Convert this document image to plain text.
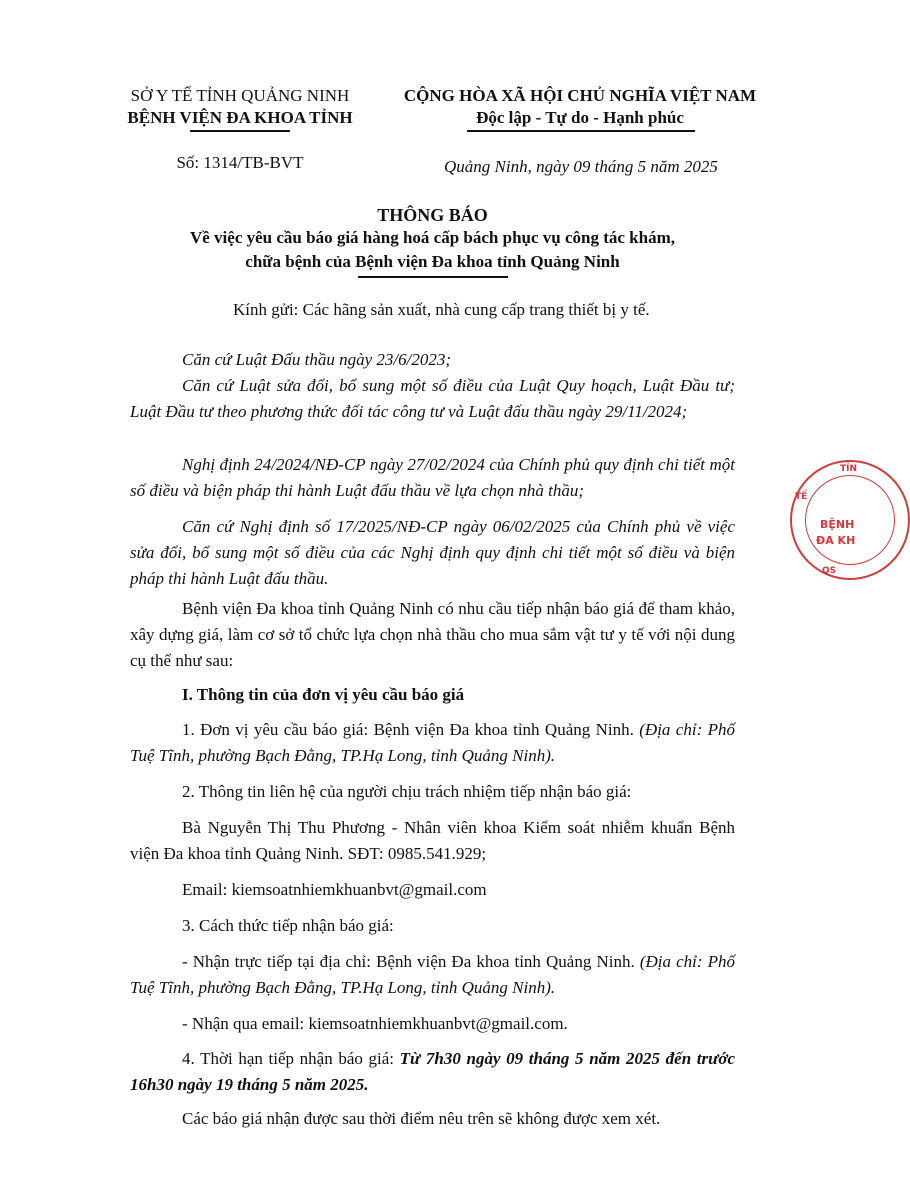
SỞ Y TẾ TỈNH QUẢNG NINH
BỆNH VIỆN ĐA KHOA TỈNH
Số: 1314/TB-BVT
CỘNG HÒA XÃ HỘI CHỦ NGHĨA VIỆT NAM
Độc lập - Tự do - Hạnh phúc
Quảng Ninh, ngày 09 tháng 5 năm 2025
THÔNG BÁO
Về việc yêu cầu báo giá hàng hoá cấp bách phục vụ công tác khám,
chữa bệnh của Bệnh viện Đa khoa tỉnh Quảng Ninh
Kính gửi: Các hãng sản xuất, nhà cung cấp trang thiết bị y tế.
Căn cứ Luật Đấu thầu ngày 23/6/2023;
Căn cứ Luật sửa đổi, bổ sung một số điều của Luật Quy hoạch, Luật Đầu tư; Luật Đầu tư theo phương thức đối tác công tư và Luật đấu thầu ngày 29/11/2024;
Nghị định 24/2024/NĐ-CP ngày 27/02/2024 của Chính phủ quy định chi tiết một số điều và biện pháp thi hành Luật đấu thầu về lựa chọn nhà thầu;
Căn cứ Nghị định số 17/2025/NĐ-CP ngày 06/02/2025 của Chính phủ về việc sửa đổi, bổ sung một số điều của các Nghị định quy định chi tiết một số điều và biện pháp thi hành Luật đấu thầu.
Bệnh viện Đa khoa tỉnh Quảng Ninh có nhu cầu tiếp nhận báo giá để tham khảo, xây dựng giá, làm cơ sở tổ chức lựa chọn nhà thầu cho mua sắm vật tư y tế với nội dung cụ thể như sau:
I. Thông tin của đơn vị yêu cầu báo giá
1. Đơn vị yêu cầu báo giá: Bệnh viện Đa khoa tỉnh Quảng Ninh. (Địa chỉ: Phố Tuệ Tĩnh, phường Bạch Đằng, TP.Hạ Long, tỉnh Quảng Ninh).
2. Thông tin liên hệ của người chịu trách nhiệm tiếp nhận báo giá:
Bà Nguyễn Thị Thu Phương - Nhân viên khoa Kiểm soát nhiễm khuẩn Bệnh viện Đa khoa tỉnh Quảng Ninh. SĐT: 0985.541.929;
Email: kiemsoatnhiemkhuanbvt@gmail.com
3. Cách thức tiếp nhận báo giá:
- Nhận trực tiếp tại địa chỉ: Bệnh viện Đa khoa tỉnh Quảng Ninh. (Địa chỉ: Phố Tuệ Tĩnh, phường Bạch Đằng, TP.Hạ Long, tỉnh Quảng Ninh).
- Nhận qua email: kiemsoatnhiemkhuanbvt@gmail.com.
4. Thời hạn tiếp nhận báo giá: Từ 7h30 ngày 09 tháng 5 năm 2025 đến trước 16h30 ngày 19 tháng 5 năm 2025.
Các báo giá nhận được sau thời điểm nêu trên sẽ không được xem xét.
TỈN
TẾ
BỆNH
ĐA KH
QS
